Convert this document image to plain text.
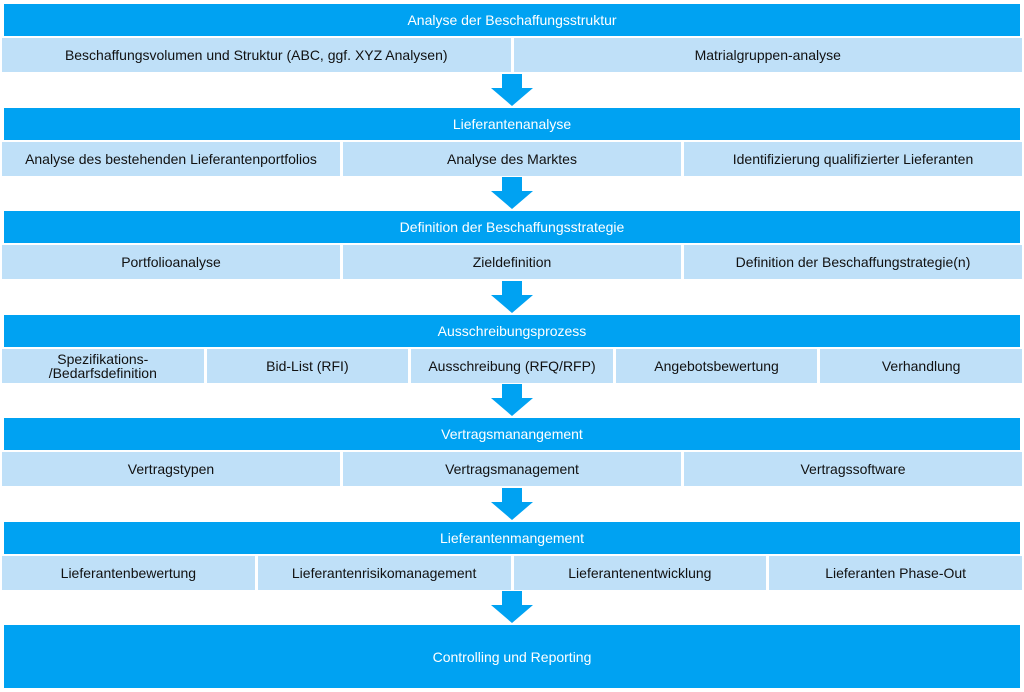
Analyse der Beschaffungsstruktur
Beschaffungsvolumen und Struktur (ABC, ggf. XYZ Analysen)	Matrialgruppen-analyse
Lieferantenanalyse
Analyse des bestehenden Lieferantenportfolios	Analyse des Marktes	Identifizierung qualifizierter Lieferanten
Definition der Beschaffungsstrategie
Portfolioanalyse	Zieldefinition	Definition der Beschaffungstrategie(n)
Ausschreibungsprozess
Spezifikations- /Bedarfsdefinition	Bid-List (RFI)	Ausschreibung (RFQ/RFP)	Angebotsbewertung	Verhandlung
Vertragsmanangement
Vertragstypen	Vertragsmanagement	Vertragssoftware
Lieferantenmangement
Lieferantenbewertung	Lieferantenrisikomanagement	Lieferantenentwicklung	Lieferanten Phase-Out
Controlling und Reporting
